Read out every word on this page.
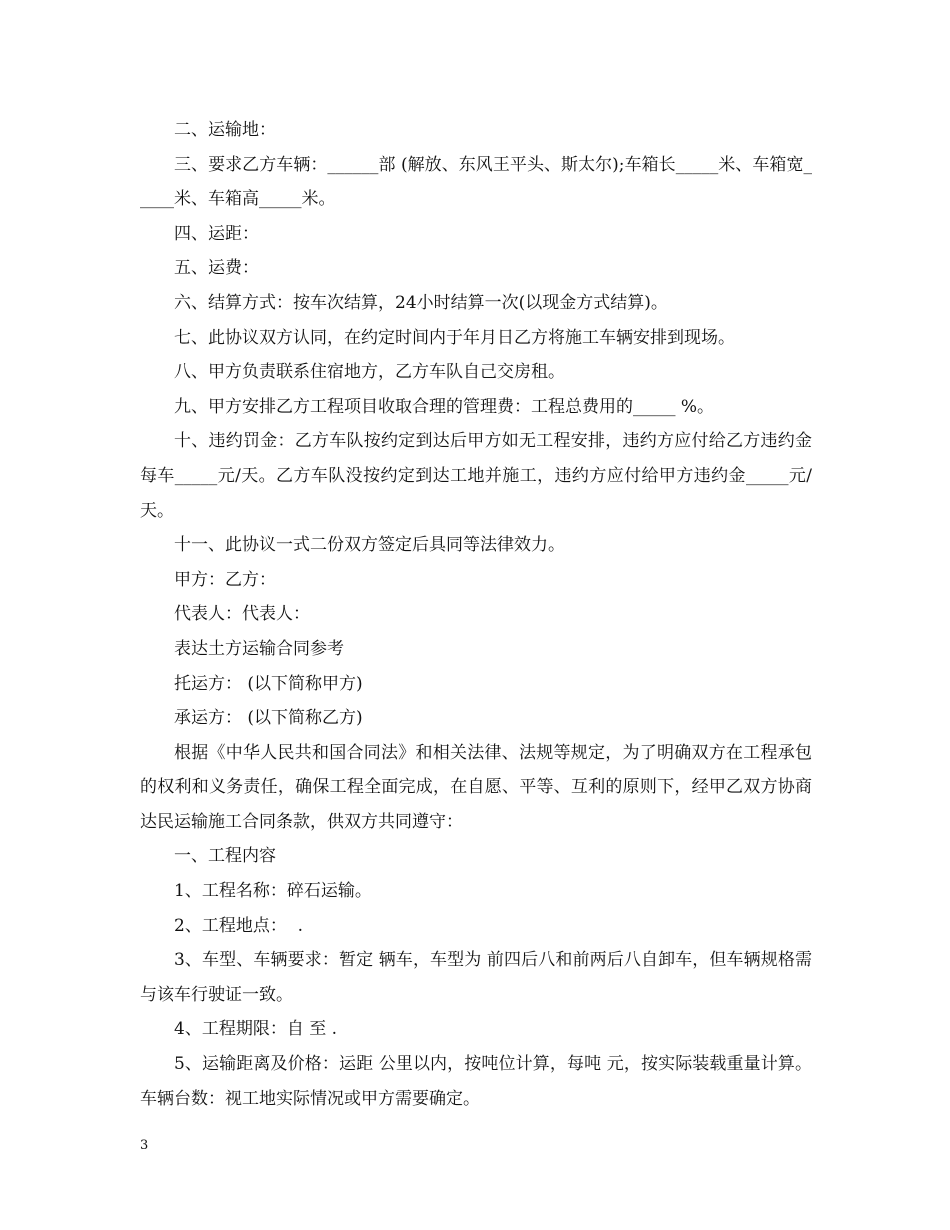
二、运输地：

三、要求乙方车辆：______部 (解放、东风王平头、斯太尔);车箱长_____米、车箱宽_____米、车箱高_____米。

四、运距：

五、运费：

六、结算方式：按车次结算，24小时结算一次(以现金方式结算)。

七、此协议双方认同，在约定时间内于年月日乙方将施工车辆安排到现场。

八、甲方负责联系住宿地方，乙方车队自己交房租。

九、甲方安排乙方工程项目收取合理的管理费：工程总费用的_____ %。

十、违约罚金：乙方车队按约定到达后甲方如无工程安排，违约方应付给乙方违约金每车_____元/天。乙方车队没按约定到达工地并施工，违约方应付给甲方违约金_____元/天。

十一、此协议一式二份双方签定后具同等法律效力。

甲方：乙方：

代表人：代表人：

表达土方运输合同参考

托运方： (以下简称甲方)

承运方： (以下简称乙方)

根据《中华人民共和国合同法》和相关法律、法规等规定，为了明确双方在工程承包的权利和义务责任，确保工程全面完成，在自愿、平等、互利的原则下，经甲乙双方协商达民运输施工合同条款，供双方共同遵守：

一、工程内容

1、工程名称：碎石运输。

2、工程地点：  .

3、车型、车辆要求：暂定 辆车，车型为 前四后八和前两后八自卸车，但车辆规格需与该车行驶证一致。

4、工程期限：自 至 .

5、运输距离及价格：运距 公里以内，按吨位计算，每吨 元，按实际装载重量计算。车辆台数：视工地实际情况或甲方需要确定。

3
